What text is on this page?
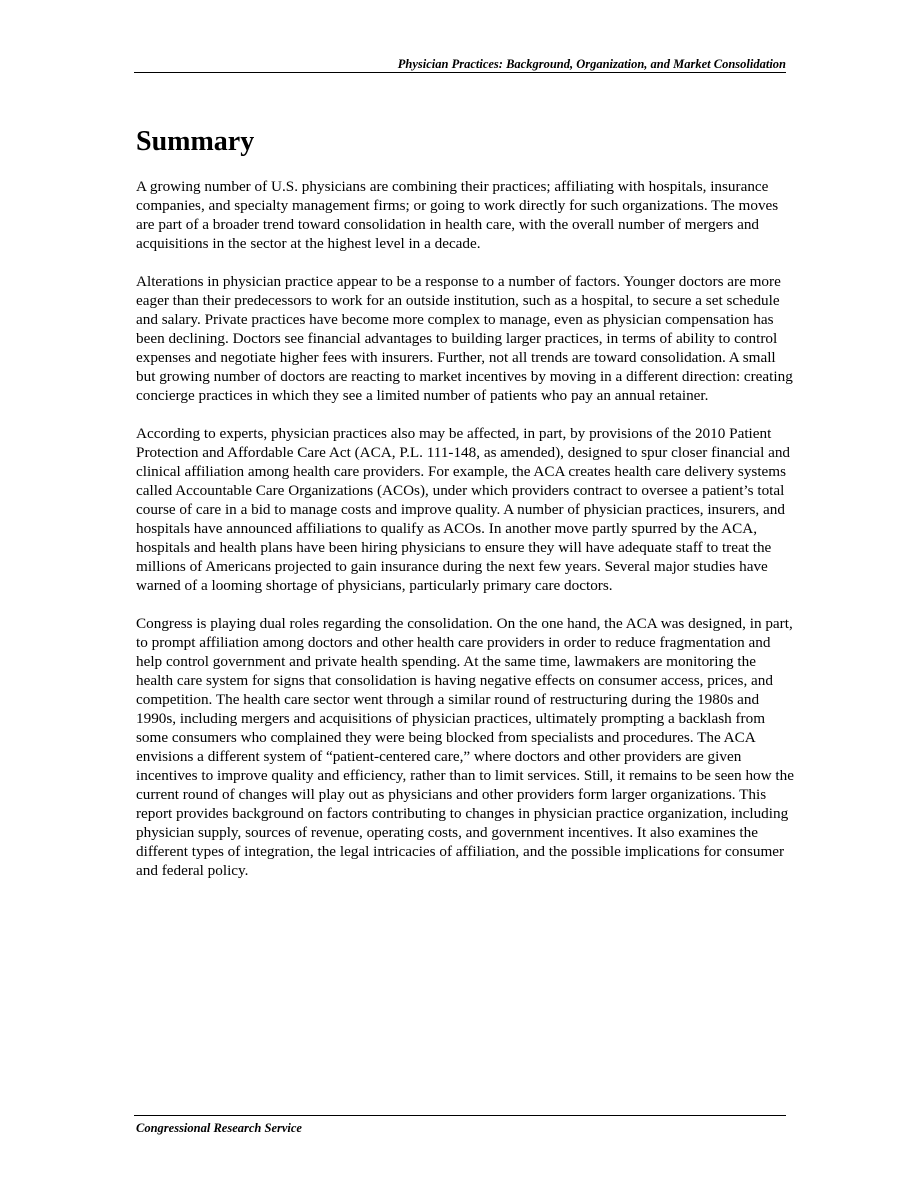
Physician Practices: Background, Organization, and Market Consolidation
Summary

A growing number of U.S. physicians are combining their practices; affiliating with hospitals, insurance companies, and specialty management firms; or going to work directly for such organizations. The moves are part of a broader trend toward consolidation in health care, with the overall number of mergers and acquisitions in the sector at the highest level in a decade.

Alterations in physician practice appear to be a response to a number of factors. Younger doctors are more eager than their predecessors to work for an outside institution, such as a hospital, to secure a set schedule and salary. Private practices have become more complex to manage, even as physician compensation has been declining. Doctors see financial advantages to building larger practices, in terms of ability to control expenses and negotiate higher fees with insurers. Further, not all trends are toward consolidation. A small but growing number of doctors are reacting to market incentives by moving in a different direction: creating concierge practices in which they see a limited number of patients who pay an annual retainer.

According to experts, physician practices also may be affected, in part, by provisions of the 2010 Patient Protection and Affordable Care Act (ACA, P.L. 111-148, as amended), designed to spur closer financial and clinical affiliation among health care providers. For example, the ACA creates health care delivery systems called Accountable Care Organizations (ACOs), under which providers contract to oversee a patient’s total course of care in a bid to manage costs and improve quality. A number of physician practices, insurers, and hospitals have announced affiliations to qualify as ACOs. In another move partly spurred by the ACA, hospitals and health plans have been hiring physicians to ensure they will have adequate staff to treat the millions of Americans projected to gain insurance during the next few years. Several major studies have warned of a looming shortage of physicians, particularly primary care doctors.

Congress is playing dual roles regarding the consolidation. On the one hand, the ACA was designed, in part, to prompt affiliation among doctors and other health care providers in order to reduce fragmentation and help control government and private health spending. At the same time, lawmakers are monitoring the health care system for signs that consolidation is having negative effects on consumer access, prices, and competition. The health care sector went through a similar round of restructuring during the 1980s and 1990s, including mergers and acquisitions of physician practices, ultimately prompting a backlash from some consumers who complained they were being blocked from specialists and procedures. The ACA envisions a different system of “patient-centered care,” where doctors and other providers are given incentives to improve quality and efficiency, rather than to limit services. Still, it remains to be seen how the current round of changes will play out as physicians and other providers form larger organizations. This report provides background on factors contributing to changes in physician practice organization, including physician supply, sources of revenue, operating costs, and government incentives. It also examines the different types of integration, the legal intricacies of affiliation, and the possible implications for consumer and federal policy.

Congressional Research Service
